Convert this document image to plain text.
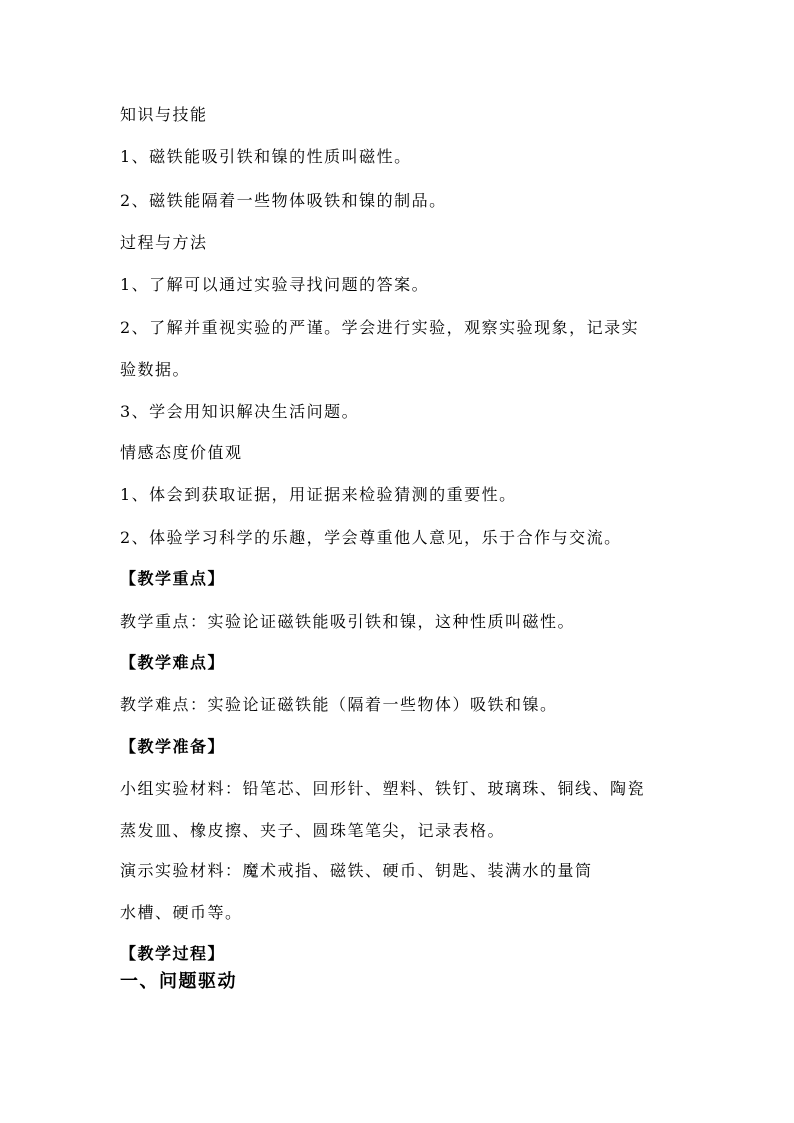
知识与技能

1、磁铁能吸引铁和镍的性质叫磁性。

2、磁铁能隔着一些物体吸铁和镍的制品。

过程与方法

1、了解可以通过实验寻找问题的答案。

2、了解并重视实验的严谨。学会进行实验，观察实验现象，记录实

验数据。

3、学会用知识解决生活问题。

情感态度价值观

1、体会到获取证据，用证据来检验猜测的重要性。

2、体验学习科学的乐趣，学会尊重他人意见，乐于合作与交流。

【教学重点】

教学重点：实验论证磁铁能吸引铁和镍，这种性质叫磁性。

【教学难点】

教学难点：实验论证磁铁能（隔着一些物体）吸铁和镍。

【教学准备】

小组实验材料：铅笔芯、回形针、塑料、铁钉、玻璃珠、铜线、陶瓷

蒸发皿、橡皮擦、夹子、圆珠笔笔尖，记录表格。

演示实验材料：魔术戒指、磁铁、硬币、钥匙、装满水的量筒

水槽、硬币等。

【教学过程】

一、问题驱动
